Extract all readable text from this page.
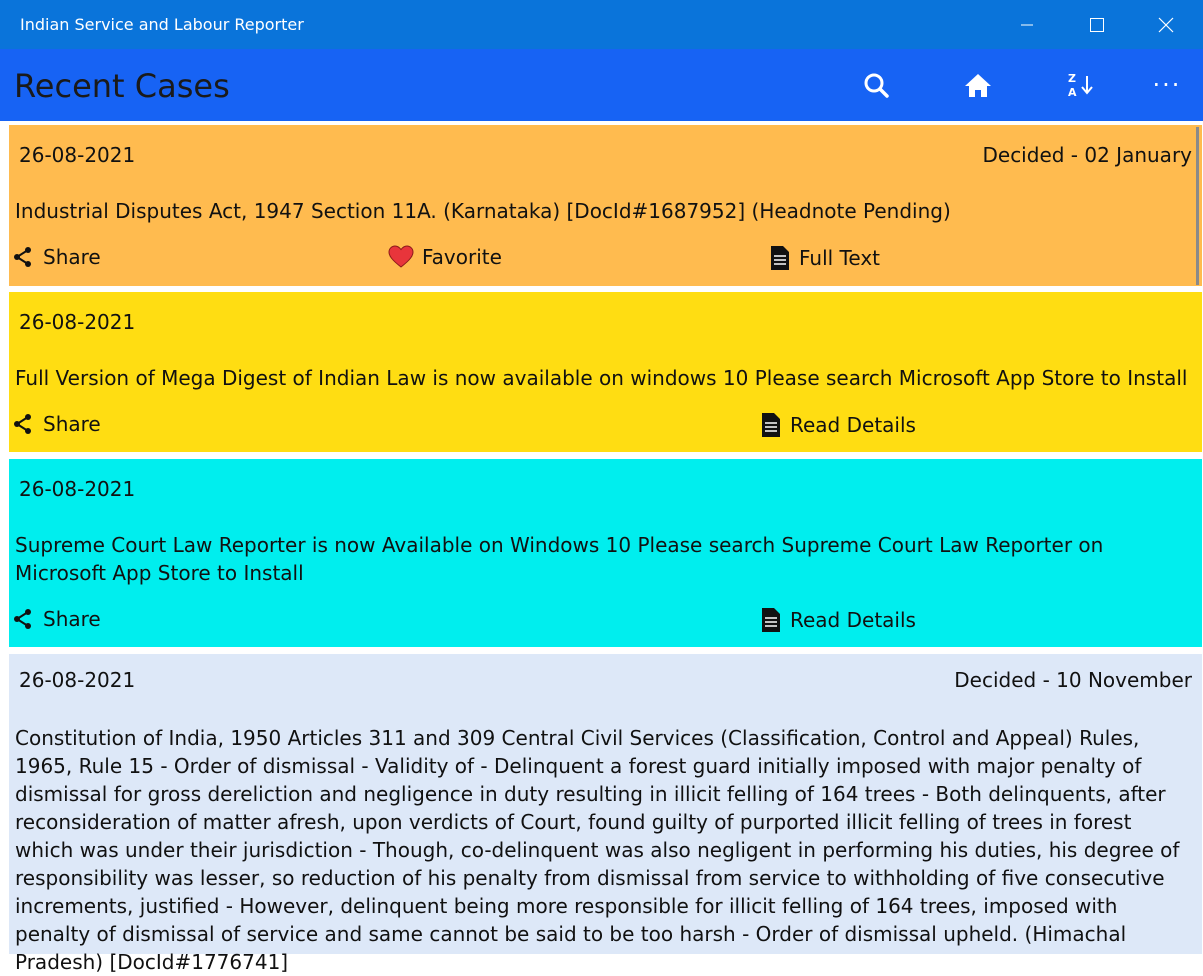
Indian Service and Labour Reporter
Recent Cases	Z
A	···
26-08-2021	Decided - 02 January
Industrial Disputes Act, 1947 Section 11A. (Karnataka) [DocId#1687952] (Headnote Pending)
Share	Favorite	Full Text
26-08-2021
Full Version of Mega Digest of Indian Law is now available on windows 10 Please search Microsoft App Store to Install
Share	Read Details
26-08-2021
Supreme Court Law Reporter is now Available on Windows 10 Please search Supreme Court Law Reporter on Microsoft App Store to Install
Share	Read Details
26-08-2021	Decided - 10 November
Constitution of India, 1950 Articles 311 and 309 Central Civil Services (Classification, Control and Appeal) Rules, 1965, Rule 15 - Order of dismissal - Validity of - Delinquent a forest guard initially imposed with major penalty of dismissal for gross dereliction and negligence in duty resulting in illicit felling of 164 trees - Both delinquents, after reconsideration of matter afresh, upon verdicts of Court, found guilty of purported illicit felling of trees in forest which was under their jurisdiction - Though, co-delinquent was also negligent in performing his duties, his degree of responsibility was lesser, so reduction of his penalty from dismissal from service to withholding of five consecutive increments, justified - However, delinquent being more responsible for illicit felling of 164 trees, imposed with penalty of dismissal of service and same cannot be said to be too harsh - Order of dismissal upheld. (Himachal Pradesh) [DocId#1776741]
